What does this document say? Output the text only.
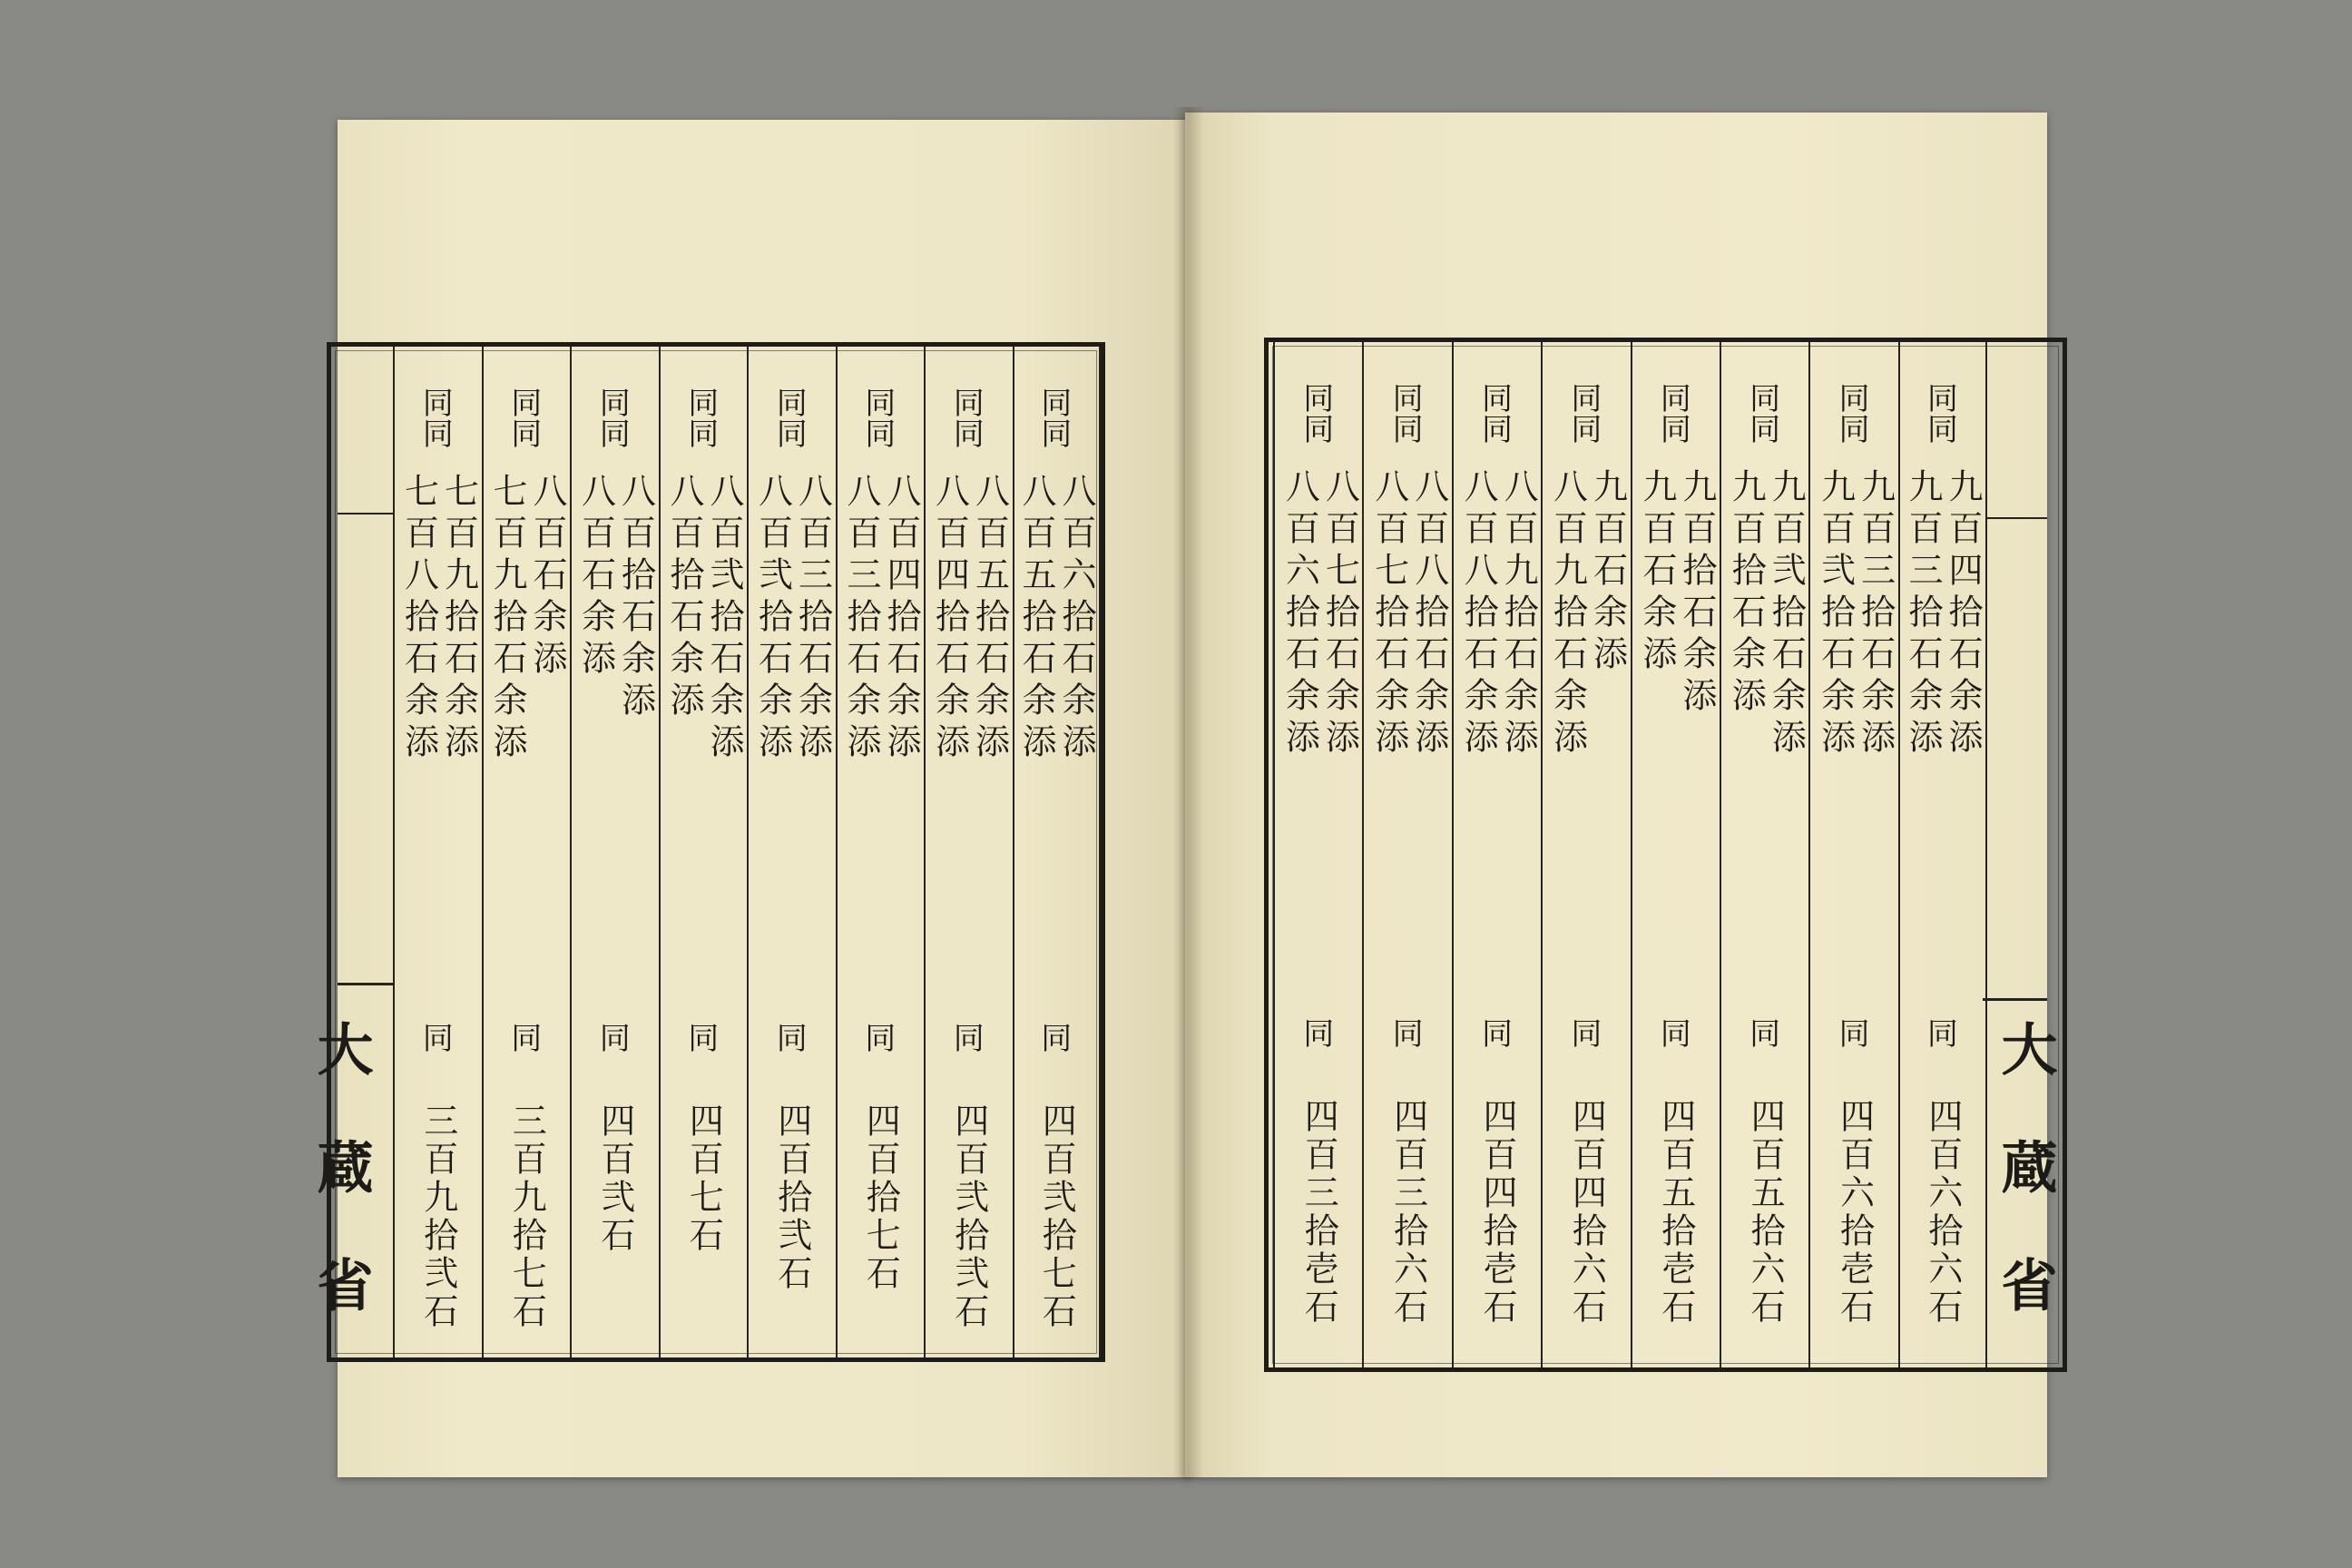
同同
八百六拾石余添
八百五拾石余添
同
四百弐拾七石
同同
八百五拾石余添
八百四拾石余添
同
四百弐拾弐石
同同
八百四拾石余添
八百三拾石余添
同
四百拾七石
同同
八百三拾石余添
八百弐拾石余添
同
四百拾弐石
同同
八百弐拾石余添
八百拾石余添
同
四百七石
同同
八百拾石余添
八百石余添
同
四百弐石
同同
八百石余添
七百九拾石余添
同
三百九拾七石
同同
七百九拾石余添
七百八拾石余添
同
三百九拾弐石
大蔵省
同同
九百四拾石余添
九百三拾石余添
同
四百六拾六石
同同
九百三拾石余添
九百弐拾石余添
同
四百六拾壱石
同同
九百弐拾石余添
九百拾石余添
同
四百五拾六石
同同
九百拾石余添
九百石余添
同
四百五拾壱石
同同
九百石余添
八百九拾石余添
同
四百四拾六石
同同
八百九拾石余添
八百八拾石余添
同
四百四拾壱石
同同
八百八拾石余添
八百七拾石余添
同
四百三拾六石
同同
八百七拾石余添
八百六拾石余添
同
四百三拾壱石	大蔵省
